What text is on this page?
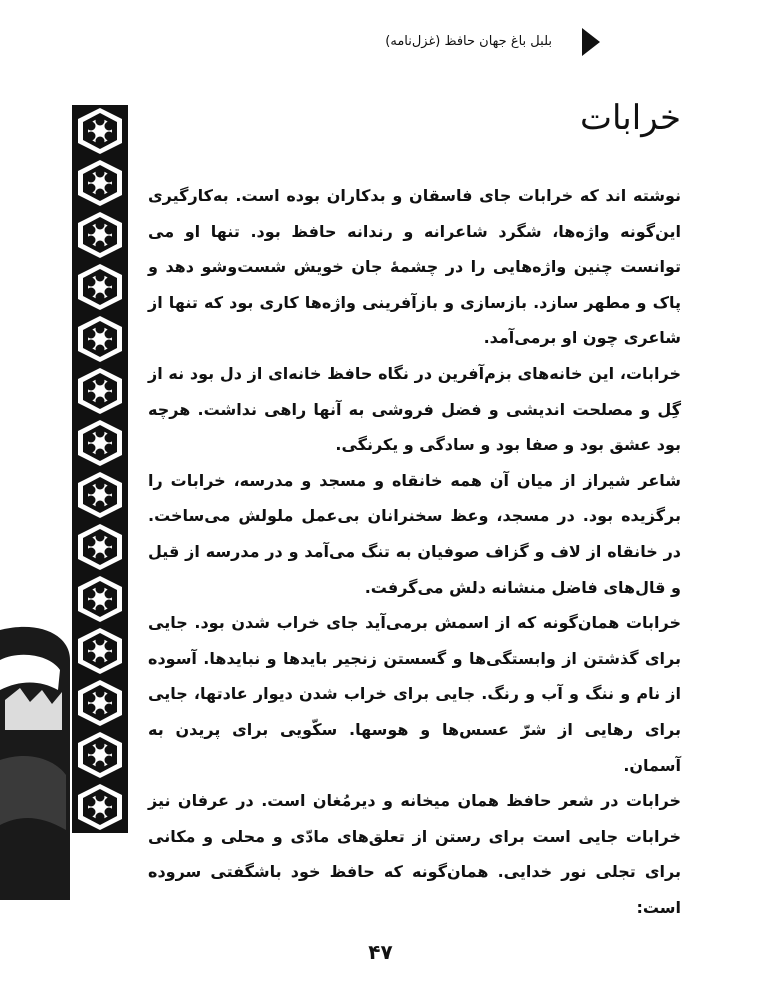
بلبل باغ جهان حافظ (غزل‌نامه)
خرابات

نوشته اند که خرابات جای فاسقان و بدکاران بوده است. به‌کارگیری این‌گونه واژه‌ها، شگرد شاعرانه و رندانه حافظ بود. تنها او می توانست چنین واژه‌هایی را در چشمهٔ جان خویش شست‌وشو دهد و پاک و مطهر سازد. بازسازی و بازآفرینی واژه‌ها کاری بود که تنها از شاعری چون او برمی‌آمد.

خرابات، این خانه‌های بزم‌آفرین در نگاه حافظ خانه‌ای از دل بود نه از گِل و مصلحت اندیشی و فضل فروشی به آنها راهی نداشت. هرچه بود عشق بود و صفا بود و سادگی و یکرنگی.

شاعر شیراز از میان آن همه خانقاه و مسجد و مدرسه، خرابات را برگزیده بود. در مسجد، وعظ سخنرانان بی‌عمل ملولش می‌ساخت. در خانقاه از لاف و گزاف صوفیان به تنگ می‌آمد و در مدرسه از قیل و قال‌های فاضل منشانه دلش می‌گرفت.

خرابات همان‌گونه که از اسمش برمی‌آید جای خراب شدن بود. جایی برای گذشتن از وابستگی‌ها و گسستن زنجیر بایدها و نبایدها. آسوده از نام و ننگ و آب و رنگ. جایی برای خراب شدن دیوار عادتها، جایی برای رهایی از شرّ عسس‌ها و هوسها. سکّویی برای پریدن به آسمان.

خرابات در شعر حافظ همان میخانه و دیرمُغان است. در عرفان نیز خرابات جایی است برای رستن از تعلق‌های مادّی و محلی و مکانی برای تجلی نور خدایی. همان‌گونه که حافظ خود باشگفتی سروده است:

۴۷
